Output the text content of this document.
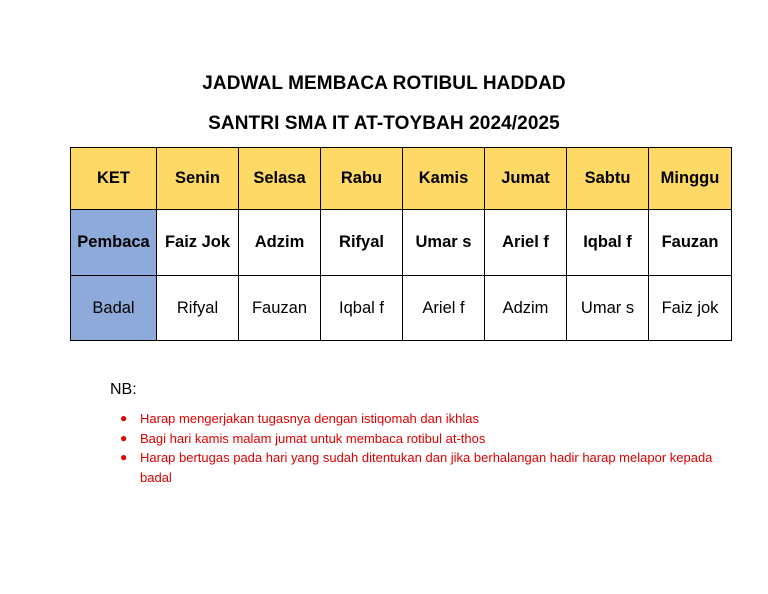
JADWAL MEMBACA ROTIBUL HADDAD
SANTRI SMA IT AT-TOYBAH 2024/2025
KET	Senin	Selasa	Rabu	Kamis	Jumat	Sabtu	Minggu
Pembaca	Faiz Jok	Adzim	Rifyal	Umar s	Ariel f	Iqbal f	Fauzan
Badal	Rifyal	Fauzan	Iqbal f	Ariel f	Adzim	Umar s	Faiz jok
NB:
● Harap mengerjakan tugasnya dengan istiqomah dan ikhlas
● Bagi hari kamis malam jumat untuk membaca rotibul at-thos
● Harap bertugas pada hari yang sudah ditentukan dan jika berhalangan hadir harap melapor kepada badal
